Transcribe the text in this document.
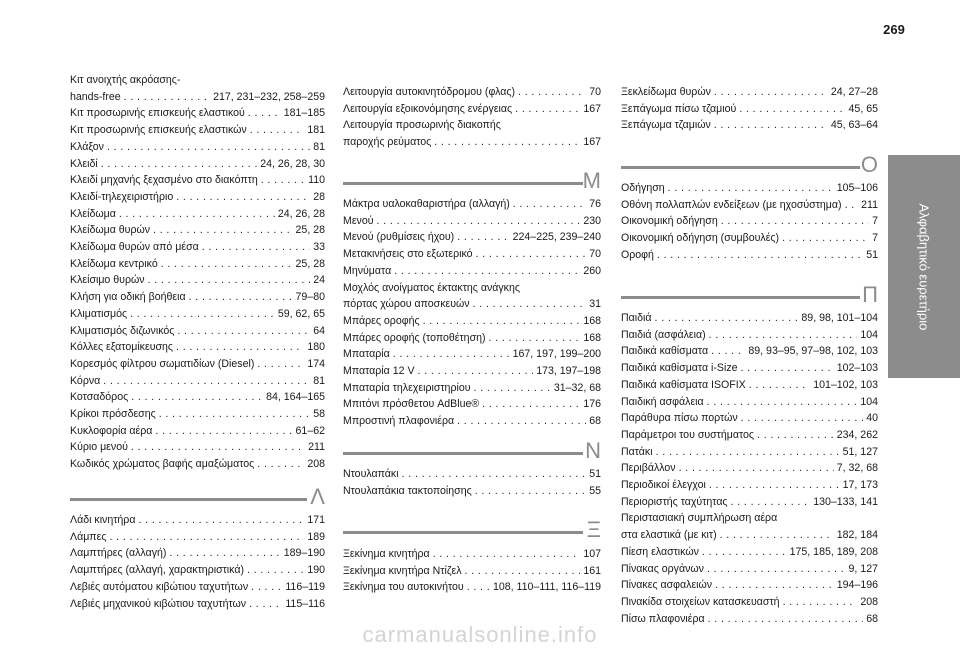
269
Αλφαβητικό ευρετήριο
Κιτ ανοιχτής ακρόασης-
hands-free . . .	217, 231–232, 258–259
Κιτ προσωρινής επισκευής ελαστικού . . .	181–185
Κιτ προσωρινής επισκευής ελαστικών . . .	181
Κλάξον . . .	81
Κλειδί . . .	24, 26, 28, 30
Κλειδί μηχανής ξεχασμένο στο διακόπτη . . .	110
Κλειδί-τηλεχειριστήριο . . .	28
Κλείδωμα . . .	24, 26, 28
Κλείδωμα θυρών . . .	25, 28
Κλείδωμα θυρών από μέσα . . .	33
Κλείδωμα κεντρικό . . .	25, 28
Κλείσιμο θυρών . . .	24
Κλήση για οδική βοήθεια . . .	79–80
Κλιματισμός . . .	59, 62, 65
Κλιματισμός διζωνικός . . .	64
Κόλλες εξατομίκευσης . . .	180
Κορεσμός φίλτρου σωματιδίων (Diesel) . . .	174
Κόρνα . . .	81
Κοτσαδόρος . . .	84, 164–165
Κρίκοι πρόσδεσης . . .	58
Κυκλοφορία αέρα . . .	61–62
Κύριο μενού . . .	211
Κωδικός χρώματος βαφής αμαξώματος . . .	208
Λ
Λάδι κινητήρα . . .	171
Λάμπες . . .	189
Λαμπτήρες (αλλαγή) . . .	189–190
Λαμπτήρες (αλλαγή, χαρακτηριστικά) . . .	190
Λεβιές αυτόματου κιβώτιου ταχυτήτων . . .	116–119
Λεβιές μηχανικού κιβώτιου ταχυτήτων . . .	115–116
Λειτουργία αυτοκινητόδρομου (φλας) . . .	70
Λειτουργία εξοικονόμησης ενέργειας . . .	167
Λειτουργία προσωρινής διακοπής
παροχής ρεύματος . . .	167
Μ
Μάκτρα υαλοκαθαριστήρα (αλλαγή) . . .	76
Μενού . . .	230
Μενού (ρυθμίσεις ήχου) . . .	224–225, 239–240
Μετακινήσεις στο εξωτερικό . . .	70
Μηνύματα . . .	260
Μοχλός ανοίγματος έκτακτης ανάγκης
πόρτας χώρου αποσκευών . . .	31
Μπάρες οροφής . . .	168
Μπάρες οροφής (τοποθέτηση) . . .	168
Μπαταρία . . .	167, 197, 199–200
Μπαταρία 12 V . . .	173, 197–198
Μπαταρία τηλεχειριστηρίου . . .	31–32, 68
Μπιτόνι πρόσθετου AdBlue® . . .	176
Μπροστινή πλαφονιέρα . . .	68
Ν
Ντουλαπάκι . . .	51
Ντουλαπάκια τακτοποίησης . . .	55
Ξ
Ξεκίνημα κινητήρα . . .	107
Ξεκίνημα κινητήρα Ντίζελ . . .	161
Ξεκίνημα του αυτοκινήτου . . .	108, 110–111, 116–119
Ξεκλείδωμα θυρών . . .	24, 27–28
Ξεπάγωμα πίσω τζαμιού . . .	45, 65
Ξεπάγωμα τζαμιών . . .	45, 63–64
Ο
Οδήγηση . . .	105–106
Οθόνη πολλαπλών ενδείξεων (με ηχοσύστημα) . . . 211
Οικονομική οδήγηση . . .	7
Οικονομική οδήγηση (συμβουλές) . . .	7
Οροφή . . .	51
Π
Παιδιά . . .	89, 98, 101–104
Παιδιά (ασφάλεια) . . .	104
Παιδικά καθίσματα . . .	89, 93–95, 97–98, 102, 103
Παιδικά καθίσματα i-Size . . .	102–103
Παιδικά καθίσματα ISOFIX . . .	101–102, 103
Παιδική ασφάλεια . . .	104
Παράθυρα πίσω πορτών . . .	40
Παράμετροι του συστήματος . . .	234, 262
Πατάκι . . .	51, 127
Περιβάλλον . . .	7, 32, 68
Περιοδικοί έλεγχοι . . .	17, 173
Περιοριστής ταχύτητας . . .	130–133, 141
Περιστασιακή συμπλήρωση αέρα
στα ελαστικά (με κιτ) . . .	182, 184
Πίεση ελαστικών . . .	175, 185, 189, 208
Πίνακας οργάνων . . .	9, 127
Πίνακες ασφαλειών . . .	194–196
Πινακίδα στοιχείων κατασκευαστή . . .	208
Πίσω πλαφονιέρα . . .	68
carmanualsonline.info
